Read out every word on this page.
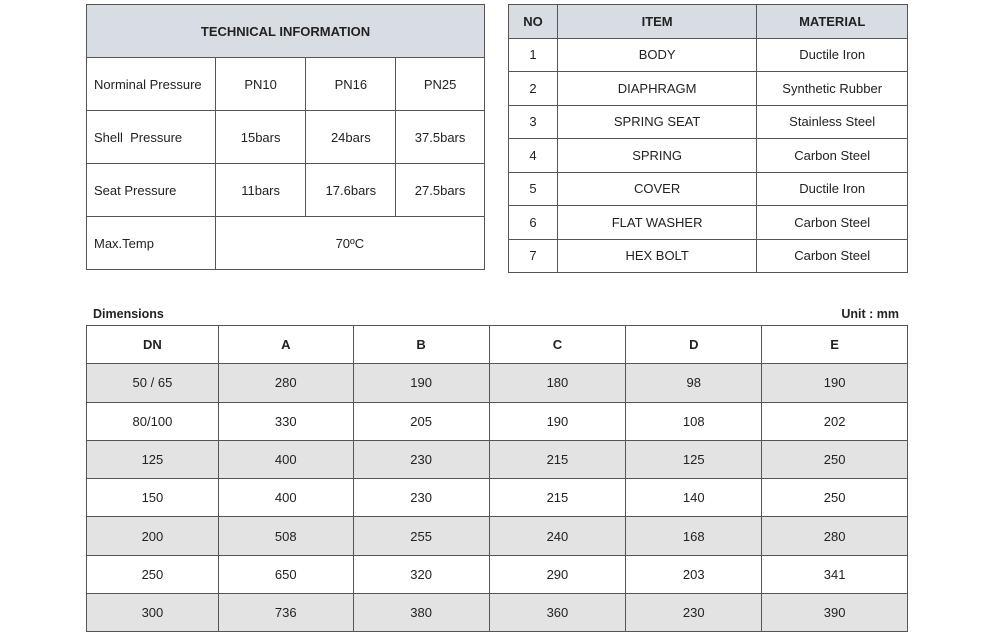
TECHNICAL INFORMATION			
Norminal Pressure	PN10	PN16	PN25
Shell  Pressure	15bars	24bars	37.5bars
Seat Pressure	11bars	17.6bars	27.5bars
Max.Temp	70ºC		
NO	ITEM	MATERIAL
1	BODY	Ductile Iron
2	DIAPHRAGM	Synthetic Rubber
3	SPRING SEAT	Stainless Steel
4	SPRING	Carbon Steel
5	COVER	Ductile Iron
6	FLAT WASHER	Carbon Steel
7	HEX BOLT	Carbon Steel
Dimensions	Unit : mm
DN	A	B	C	D	E
50 / 65	280	190	180	98	190
80/100	330	205	190	108	202
125	400	230	215	125	250
150	400	230	215	140	250
200	508	255	240	168	280
250	650	320	290	203	341
300	736	380	360	230	390
